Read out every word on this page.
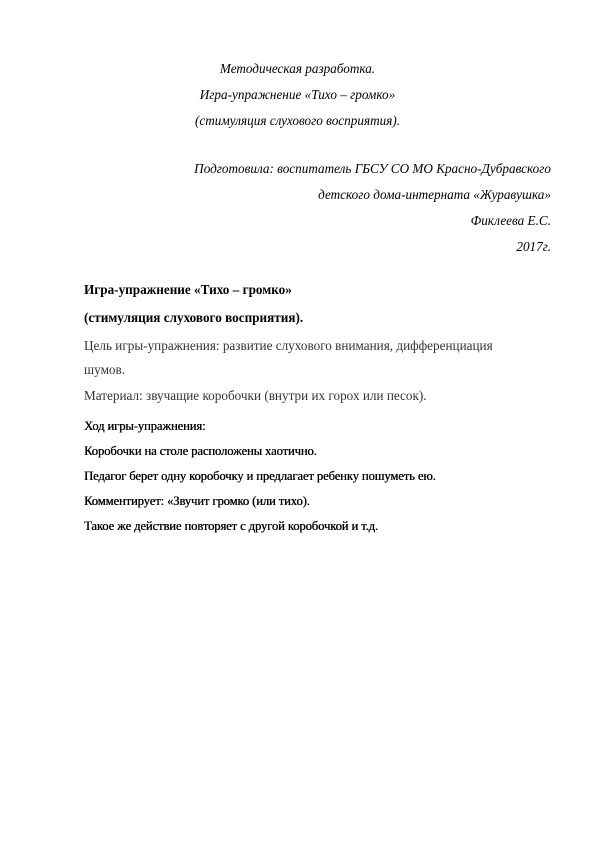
Методическая разработка.
Игра-упражнение «Тихо – громко»
(стимуляция слухового восприятия).
Подготовила: воспитатель ГБСУ СО МО Красно-Дубравского
детского дома-интерната «Журавушка»
Фиклеева Е.С.
2017г.
Игра-упражнение «Тихо – громко»
(стимуляция слухового восприятия).
Цель игры-упражнения: развитие слухового внимания, дифференциация шумов.
Материал: звучащие коробочки (внутри их горох или песок).
Ход игры-упражнения:
Коробочки на столе расположены хаотично.
Педагог берет одну коробочку и предлагает ребенку пошуметь ею.
Комментирует: «Звучит громко (или тихо).
Такое же действие повторяет с другой коробочкой и т.д.
